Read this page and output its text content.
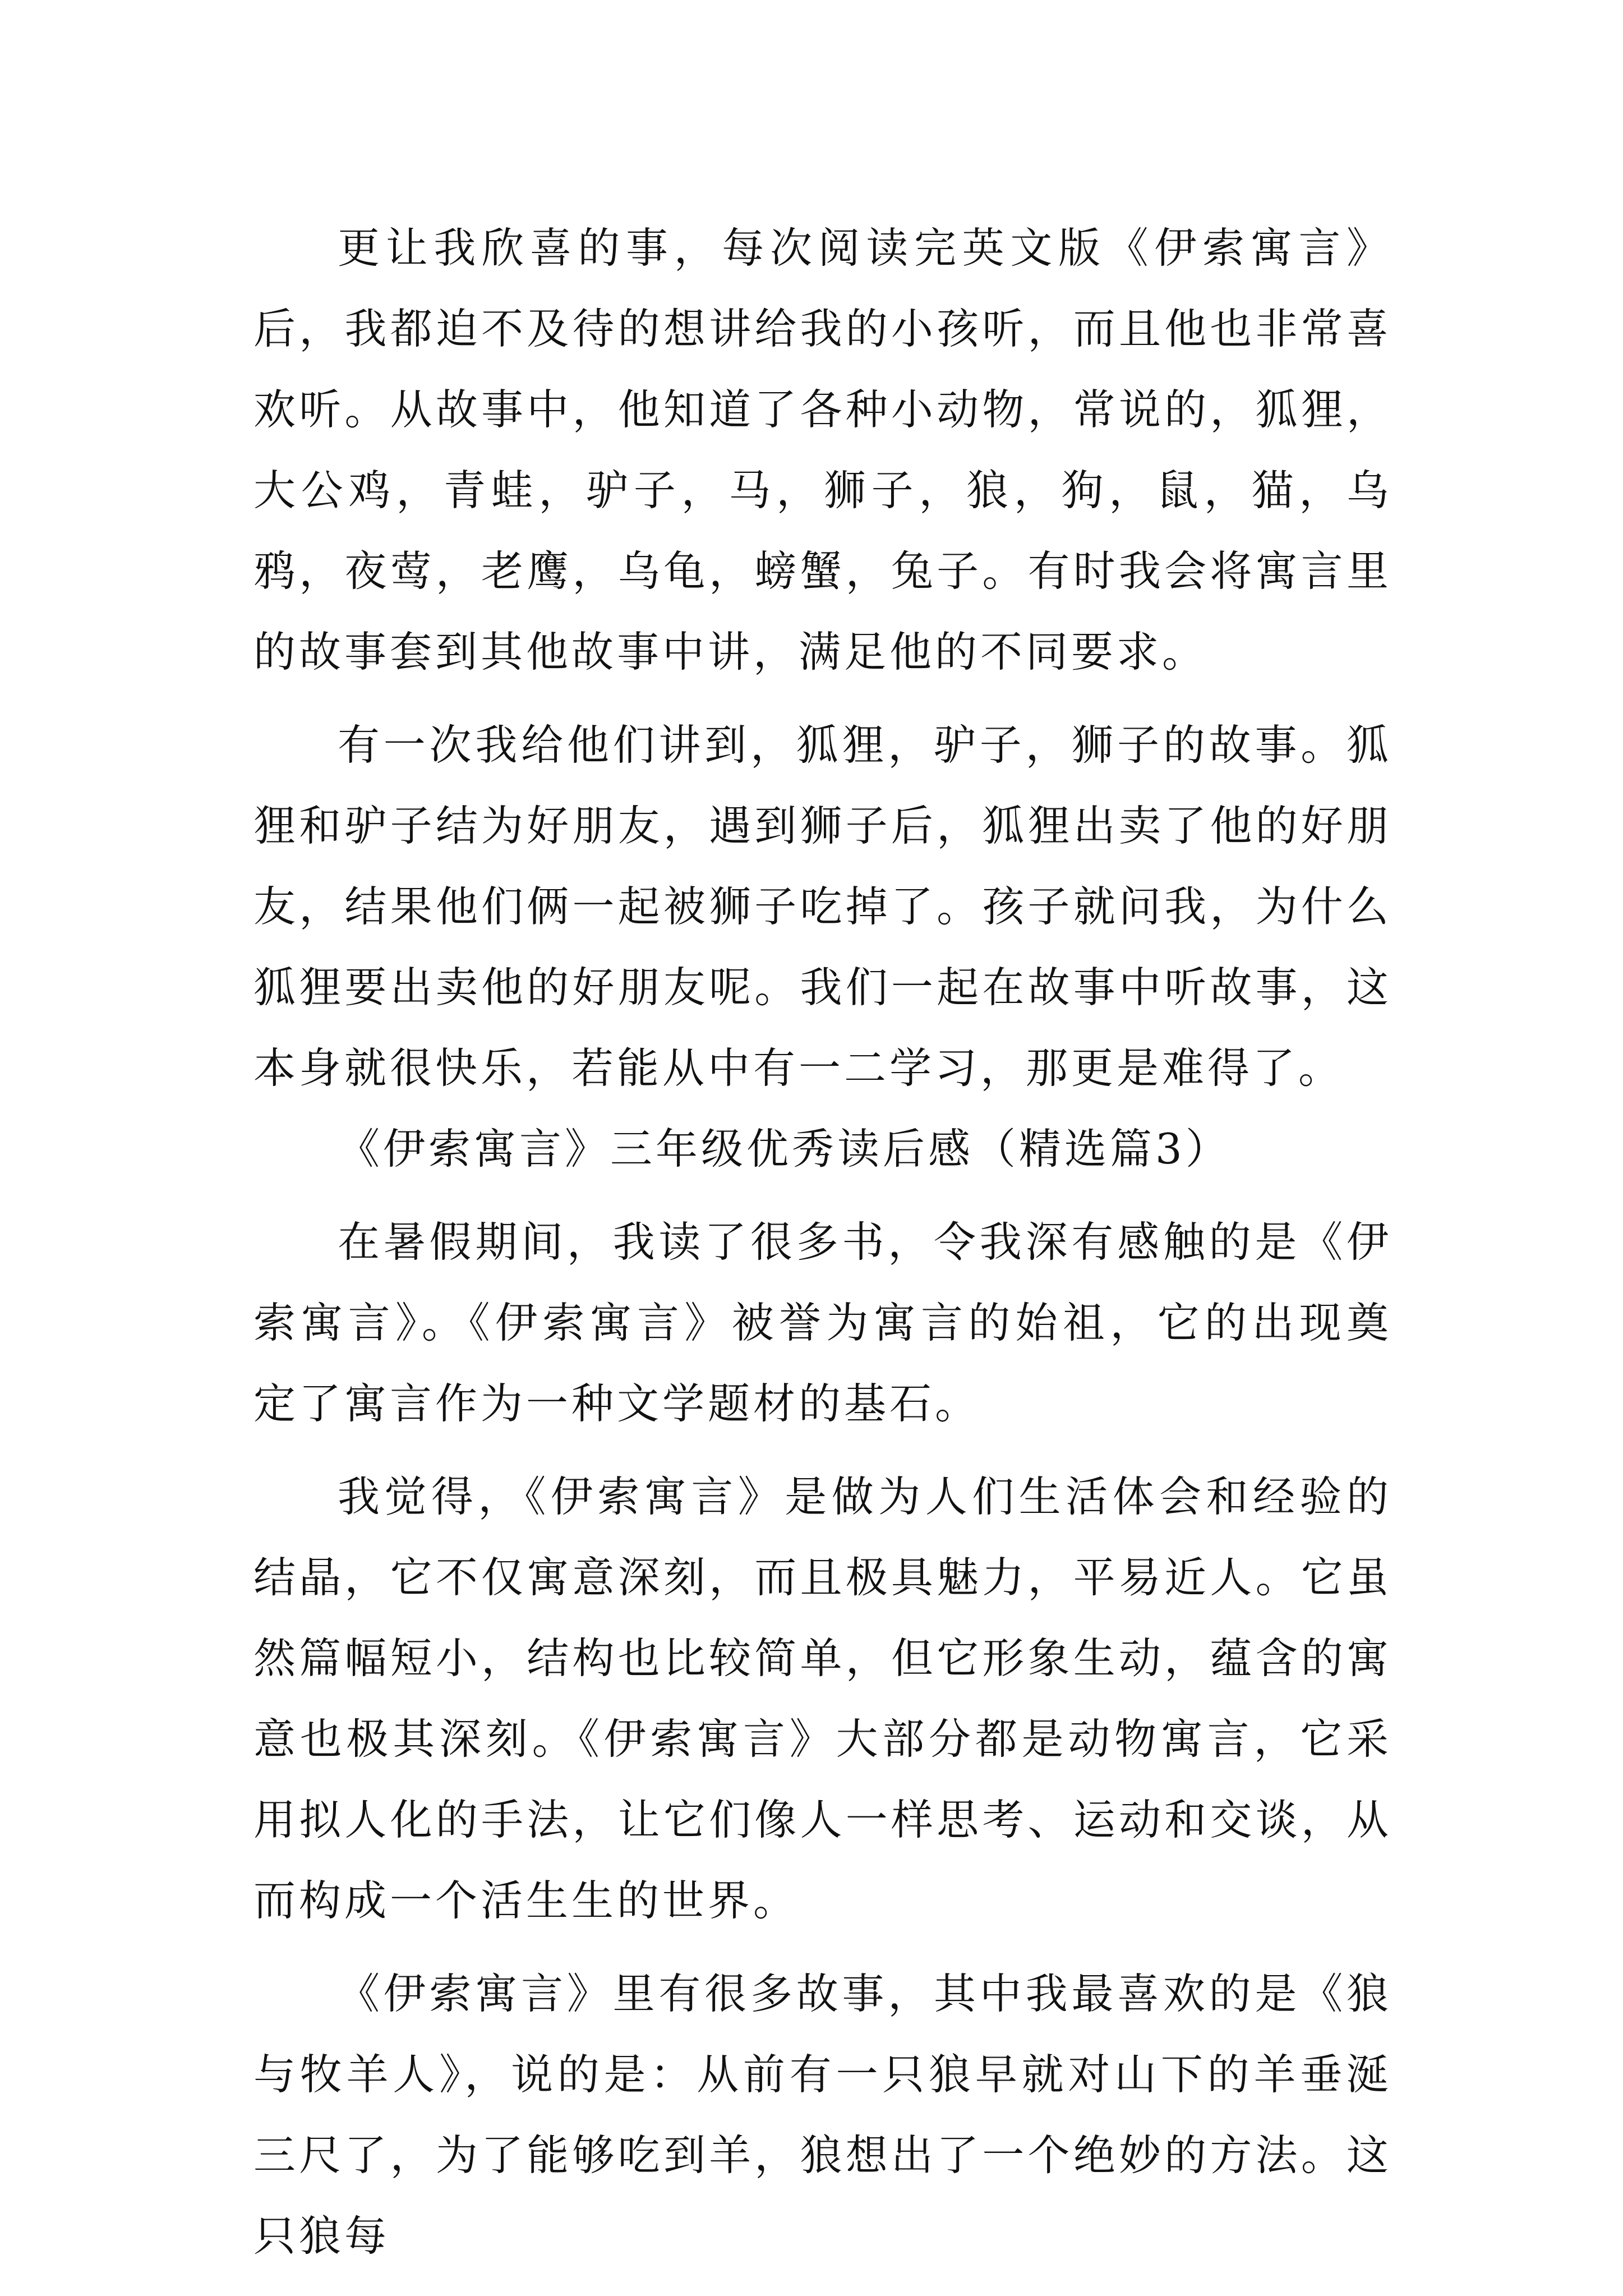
更让我欣喜的事，每次阅读完英文版《伊索寓言》后，我都迫不及待的想讲给我的小孩听，而且他也非常喜欢听。从故事中，他知道了各种小动物，常说的，狐狸，大公鸡，青蛙，驴子，马，狮子，狼，狗，鼠，猫，乌鸦，夜莺，老鹰，乌龟，螃蟹，兔子。有时我会将寓言里的故事套到其他故事中讲，满足他的不同要求。

有一次我给他们讲到，狐狸，驴子，狮子的故事。狐狸和驴子结为好朋友，遇到狮子后，狐狸出卖了他的好朋友，结果他们俩一起被狮子吃掉了。孩子就问我，为什么狐狸要出卖他的好朋友呢。我们一起在故事中听故事，这本身就很快乐，若能从中有一二学习，那更是难得了。

《伊索寓言》三年级优秀读后感（精选篇3）

在暑假期间，我读了很多书，令我深有感触的是《伊索寓言》。《伊索寓言》被誉为寓言的始祖，它的出现奠定了寓言作为一种文学题材的基石。

我觉得，《伊索寓言》是做为人们生活体会和经验的结晶，它不仅寓意深刻，而且极具魅力，平易近人。它虽然篇幅短小，结构也比较简单，但它形象生动，蕴含的寓意也极其深刻。《伊索寓言》大部分都是动物寓言，它采用拟人化的手法，让它们像人一样思考、运动和交谈，从而构成一个活生生的世界。

《伊索寓言》里有很多故事，其中我最喜欢的是《狼与牧羊人》，说的是：从前有一只狼早就对山下的羊垂涎三尺了，为了能够吃到羊，狼想出了一个绝妙的方法。这只狼每
